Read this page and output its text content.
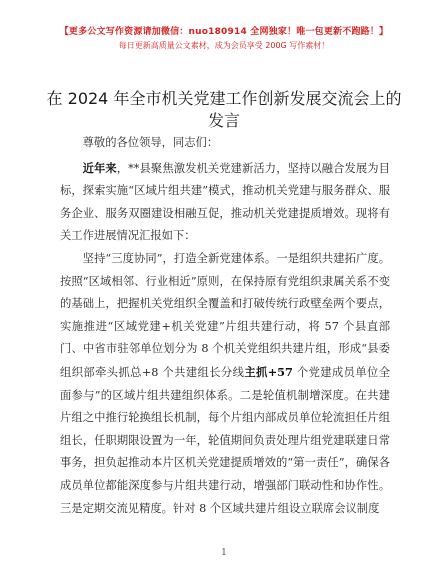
【更多公文写作资源请加微信：nuo180914 全网独家！唯一包更新不跑路！】
每日更新高质量公文素材，成为会员享受 200G 写作素材！
在 2024 年全市机关党建工作创新发展交流会上的发言

尊敬的各位领导，同志们：

近年来，**县聚焦激发机关党建新活力，坚持以融合发展为目标，探索实施“区域片组共建”模式，推动机关党建与服务群众、服务企业、服务双圈建设相融互促，推动机关党建提质增效。现将有关工作进展情况汇报如下：

坚持“三度协同”，打造全新党建体系。一是组织共建拓广度。按照“区域相邻、行业相近”原则，在保持原有党组织隶属关系不变的基础上，把握机关党组织全覆盖和打破传统行政壁垒两个要点，实施推进“区域党建+机关党建”片组共建行动，将 57 个县直部门、中省市驻邻单位划分为 8 个机关党组织共建片组，形成“县委组织部牵头抓总+8 个共建组长分线主抓+57 个党建成员单位全面参与”的区域片组共建组织体系。二是轮值机制增深度。在共建片组之中推行轮换组长机制，每个片组内部成员单位轮流担任片组组长，任职期限设置为一年，轮值期间负责处理片组党建联建日常事务，担负起推动本片区机关党建提质增效的“第一责任”，确保各成员单位都能深度参与片组共建行动，增强部门联动性和协作性。三是定期交流见精度。针对 8 个区域共建片组设立联席会议制度

1
